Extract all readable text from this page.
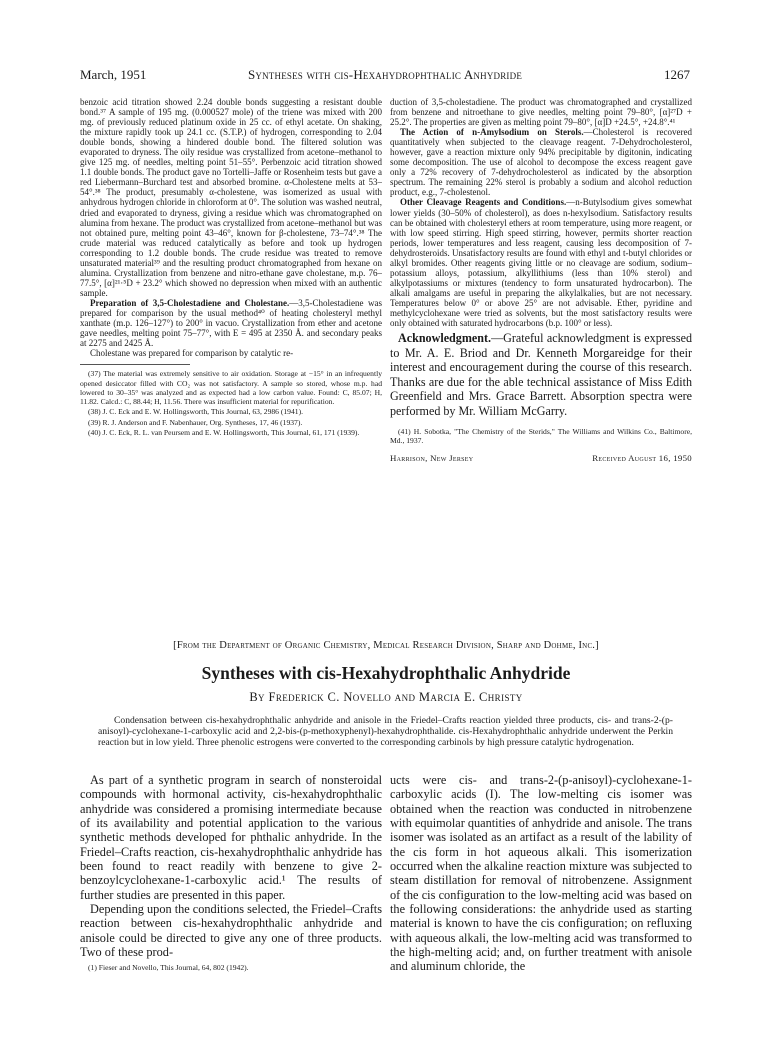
March, 1951	Syntheses with cis-Hexahydrophthalic Anhydride	1267

benzoic acid titration showed 2.24 double bonds suggesting a resistant double bond.³⁷ A sample of 195 mg. (0.000527 mole) of the triene was mixed with 200 mg. of previously reduced platinum oxide in 25 cc. of ethyl acetate. On shaking, the mixture rapidly took up 24.1 cc. (S.T.P.) of hydrogen, corresponding to 2.04 double bonds, showing a hindered double bond. The filtered solution was evaporated to dryness. The oily residue was crystallized from acetone–methanol to give 125 mg. of needles, melting point 51–55°. Perbenzoic acid titration showed 1.1 double bonds. The product gave no Tortelli–Jaffe or Rosenheim tests but gave a red Liebermann–Burchard test and absorbed bromine. α-Cholestene melts at 53–54°.³⁸ The product, presumably α-cholestene, was isomerized as usual with anhydrous hydrogen chloride in chloroform at 0°. The solution was washed neutral, dried and evaporated to dryness, giving a residue which was chromatographed on alumina from hexane. The product was crystallized from acetone–methanol but was not obtained pure, melting point 43–46°, known for β-cholestene, 73–74°.³⁸ The crude material was reduced catalytically as before and took up hydrogen corresponding to 1.2 double bonds. The crude residue was treated to remove unsaturated material³⁹ and the resulting product chromatographed from hexane on alumina. Crystallization from benzene and nitro-ethane gave cholestane, m.p. 76–77.5°, [α]²¹·⁵D + 23.2° which showed no depression when mixed with an authentic sample.

Preparation of 3,5-Cholestadiene and Cholestane.—3,5-Cholestadiene was prepared for comparison by the usual method⁴⁰ of heating cholesteryl methyl xanthate (m.p. 126–127°) to 200° in vacuo. Crystallization from ether and acetone gave needles, melting point 75–77°, with E = 495 at 2350 Å. and secondary peaks at 2275 and 2425 Å.

Cholestane was prepared for comparison by catalytic re-

(37) The material was extremely sensitive to air oxidation. Storage at −15° in an infrequently opened desiccator filled with CO₂ was not satisfactory. A sample so stored, whose m.p. had lowered to 30–35° was analyzed and as expected had a low carbon value. Found: C, 85.07; H, 11.82. Calcd.: C, 88.44; H, 11.56. There was insufficient material for repurification.

(38) J. C. Eck and E. W. Hollingsworth, This Journal, 63, 2986 (1941).

(39) R. J. Anderson and F. Nabenhauer, Org. Syntheses, 17, 46 (1937).

(40) J. C. Eck, R. L. van Peursem and E. W. Hollingsworth, This Journal, 61, 171 (1939).

duction of 3,5-cholestadiene. The product was chromatographed and crystallized from benzene and nitroethane to give needles, melting point 79–80°, [α]²⁷D + 25.2°. The properties are given as melting point 79–80°, [α]D +24.5°, +24.8°.⁴¹

The Action of n-Amylsodium on Sterols.—Cholesterol is recovered quantitatively when subjected to the cleavage reagent. 7-Dehydrocholesterol, however, gave a reaction mixture only 94% precipitable by digitonin, indicating some decomposition. The use of alcohol to decompose the excess reagent gave only a 72% recovery of 7-dehydrocholesterol as indicated by the absorption spectrum. The remaining 22% sterol is probably a sodium and alcohol reduction product, e.g., 7-cholestenol.

Other Cleavage Reagents and Conditions.—n-Butylsodium gives somewhat lower yields (30–50% of cholesterol), as does n-hexylsodium. Satisfactory results can be obtained with cholesteryl ethers at room temperature, using more reagent, or with low speed stirring. High speed stirring, however, permits shorter reaction periods, lower temperatures and less reagent, causing less decomposition of 7-dehydrosteroids. Unsatisfactory results are found with ethyl and t-butyl chlorides or alkyl bromides. Other reagents giving little or no cleavage are sodium, sodium–potassium alloys, potassium, alkyllithiums (less than 10% sterol) and alkylpotassiums or mixtures (tendency to form unsaturated hydrocarbon). The alkali amalgams are useful in preparing the alkylalkalies, but are not necessary. Temperatures below 0° or above 25° are not advisable. Ether, pyridine and methylcyclohexane were tried as solvents, but the most satisfactory results were only obtained with saturated hydrocarbons (b.p. 100° or less).

Acknowledgment.—Grateful acknowledgment is expressed to Mr. A. E. Briod and Dr. Kenneth Morgareidge for their interest and encouragement during the course of this research. Thanks are due for the able technical assistance of Miss Edith Greenfield and Mrs. Grace Barrett. Absorption spectra were performed by Mr. William McGarry.

(41) H. Sobotka, "The Chemistry of the Sterids," The Williams and Wilkins Co., Baltimore, Md., 1937.

Harrison, New Jersey	Received August 16, 1950
[From the Department of Organic Chemistry, Medical Research Division, Sharp and Dohme, Inc.]
Syntheses with cis-Hexahydrophthalic Anhydride
By Frederick C. Novello and Marcia E. Christy
Condensation between cis-hexahydrophthalic anhydride and anisole in the Friedel–Crafts reaction yielded three products, cis- and trans-2-(p-anisoyl)-cyclohexane-1-carboxylic acid and 2,2-bis-(p-methoxyphenyl)-hexahydrophthalide. cis-Hexahydrophthalic anhydride underwent the Perkin reaction but in low yield. Three phenolic estrogens were converted to the corresponding carbinols by high pressure catalytic hydrogenation.

As part of a synthetic program in search of nonsteroidal compounds with hormonal activity, cis-hexahydrophthalic anhydride was considered a promising intermediate because of its availability and potential application to the various synthetic methods developed for phthalic anhydride. In the Friedel–Crafts reaction, cis-hexahydrophthalic anhydride has been found to react readily with benzene to give 2-benzoylcyclohexane-1-carboxylic acid.¹ The results of further studies are presented in this paper.

Depending upon the conditions selected, the Friedel–Crafts reaction between cis-hexahydrophthalic anhydride and anisole could be directed to give any one of three products. Two of these prod-

(1) Fieser and Novello, This Journal, 64, 802 (1942).

ucts were cis- and trans-2-(p-anisoyl)-cyclohexane-1-carboxylic acids (I). The low-melting cis isomer was obtained when the reaction was conducted in nitrobenzene with equimolar quantities of anhydride and anisole. The trans isomer was isolated as an artifact as a result of the lability of the cis form in hot aqueous alkali. This isomerization occurred when the alkaline reaction mixture was subjected to steam distillation for removal of nitrobenzene. Assignment of the cis configuration to the low-melting acid was based on the following considerations: the anhydride used as starting material is known to have the cis configuration; on refluxing with aqueous alkali, the low-melting acid was transformed to the high-melting acid; and, on further treatment with anisole and aluminum chloride, the
